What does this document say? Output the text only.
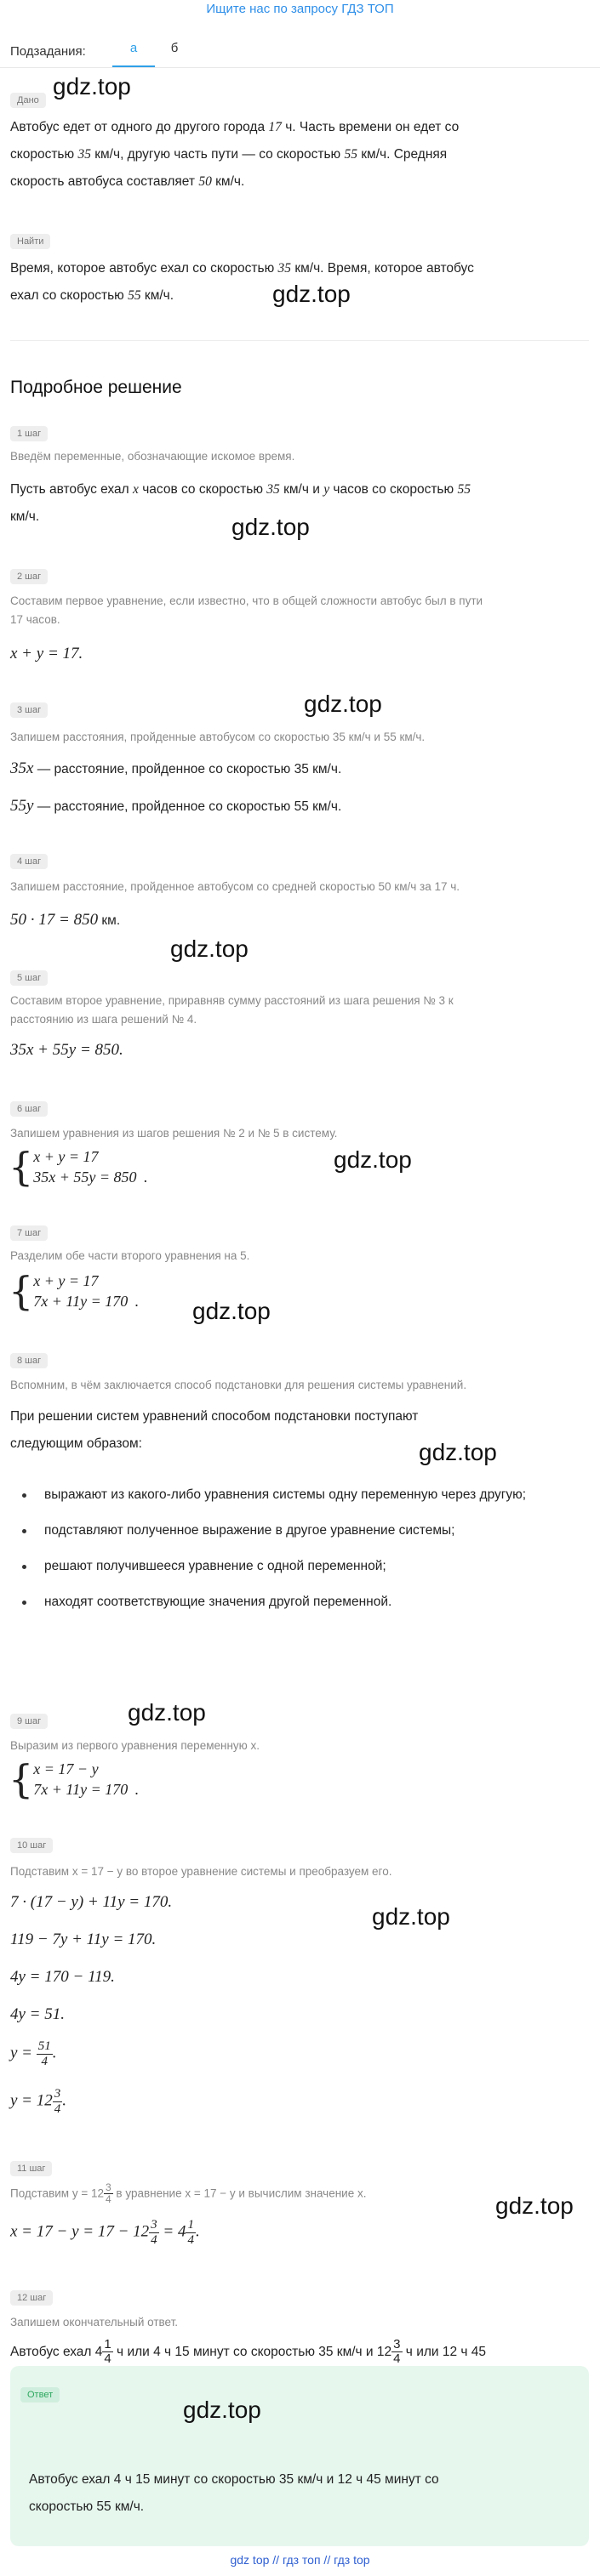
Ищите нас по запросу ГДЗ ТОП
Подзадания:	а	б
gdz.top
Дано
Автобус едет от одного до другого города 17 ч. Часть времени он едет со
скоростью 35 км/ч, другую часть пути — со скоростью 55 км/ч. Средняя
скорость автобуса составляет 50 км/ч.
Найти
Время, которое автобус ехал со скоростью 35 км/ч. Время, которое автобус
ехал со скоростью 55 км/ч.	gdz.top
Подробное решение
1 шаг
Введём переменные, обозначающие искомое время.
Пусть автобус ехал x часов со скоростью 35 км/ч и y часов со скоростью 55
км/ч.	gdz.top
2 шаг
Составим первое уравнение, если известно, что в общей сложности автобус был в пути
17 часов.
x + y = 17.
3 шаг	gdz.top
Запишем расстояния, пройденные автобусом со скоростью 35 км/ч и 55 км/ч.
35x — расстояние, пройденное со скоростью 35 км/ч.
55y — расстояние, пройденное со скоростью 55 км/ч.
4 шаг
Запишем расстояние, пройденное автобусом со средней скоростью 50 км/ч за 17 ч.
50 · 17 = 850 км.
gdz.top
5 шаг
Составим второе уравнение, приравняв сумму расстояний из шага решения № 3 к
расстоянию из шага решений № 4.
35x + 55y = 850.
6 шаг
Запишем уравнения из шагов решения № 2 и № 5 в систему.
{ x + y = 17
35x + 55y = 850 .
gdz.top
7 шаг
Разделим обе части второго уравнения на 5.
{ x + y = 17
7x + 11y = 170 . gdz.top
8 шаг
Вспомним, в чём заключается способ подстановки для решения системы уравнений.
При решении систем уравнений способом подстановки поступают
следующим образом:	gdz.top
выражают из какого-либо уравнения системы одну переменную через другую;
подставляют полученное выражение в другое уравнение системы;
решают получившееся уравнение с одной переменной;
находят соответствующие значения другой переменной.
gdz.top
9 шаг
Выразим из первого уравнения переменную x.
{ x = 17 − y
7x + 11y = 170 .
10 шаг
Подставим x = 17 − y во второе уравнение системы и преобразуем его.
7 · (17 − y) + 11y = 170.
119 − 7y + 11y = 170.
gdz.top
4y = 170 − 119.
4y = 51.
$y = \frac{51}{4}$ .
$y = 12 \frac{3}{4}$ .
11 шаг
Подставим $y = 12 \frac{3}{4}$ в уравнение x = 17 − y и вычислим значение x.	gdz.top
$x = 17 - y = 17 - 12 \frac{3}{4} = 4 \frac{1}{4}$ .
12 шаг
Запишем окончательный ответ.
Автобус ехал $4 \frac{1}{4}$ ч или 4 ч 15 минут со скоростью 35 км/ч и $12 \frac{3}{4}$ ч или 12 ч 45
Ответ
gdz.top
Автобус ехал 4 ч 15 минут со скоростью 35 км/ч и 12 ч 45 минут со
скоростью 55 км/ч.
gdz top // гдз топ // гдз top
